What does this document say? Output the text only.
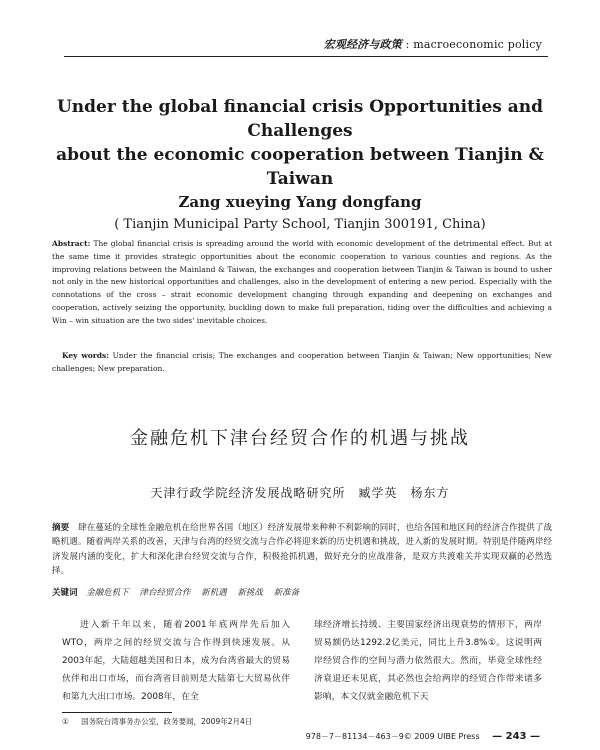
宏观经济与政策 : macroeconomic policy
Under the global financial crisis Opportunities and Challenges
about the economic cooperation between Tianjin & Taiwan
Zang xueying Yang dongfang
( Tianjin Municipal Party School, Tianjin 300191, China)
Abstract: The global financial crisis is spreading around the world with economic development of the detrimental effect. But at the same time it provides strategic opportunities about the economic cooperation to various counties and regions. As the improving relations between the Mainland & Taiwan, the exchanges and cooperation between Tianjin & Taiwan is bound to usher not only in the new historical opportunities and challenges, also in the development of entering a new period. Especially with the connotations of the cross – strait economic development changing through expanding and deepening on exchanges and cooperation, actively seizing the opportunity, buckling down to make full preparation, tiding over the difficulties and achieving a Win – win situation are the two sides' inevitable choices.
Key words: Under the financial crisis; The exchanges and cooperation between Tianjin & Taiwan; New opportunities; New challenges; New preparation.
金融危机下津台经贸合作的机遇与挑战
天津行政学院经济发展战略研究所　臧学英　杨东方
摘要 肆在蔓延的全球性金融危机在给世界各国（地区）经济发展带来种种不利影响的同时，也给各国和地区间的经济合作提供了战略机遇。随着两岸关系的改善，天津与台湾的经贸交流与合作必将迎来新的历史机遇和挑战，进入新的发展时期。特别是伴随两岸经济发展内涵的变化，扩大和深化津台经贸交流与合作，积极抢抓机遇，做好充分的应战准备，是双方共渡难关并实现双赢的必然选择。
关键词 金融危机下 津台经贸合作 新机遇 新挑战 新准备
进入新千年以来，随着2001年底两岸先后加入WTO，两岸之间的经贸交流与合作得到快速发展。从2003年起，大陆超越美国和日本，成为台湾省最大的贸易伙伴和出口市场，而台湾省目前则是大陆第七大贸易伙伴和第九大出口市场。2008年，在全
球经济增长持缓、主要国家经济出现衰势的情形下，两岸贸易额仍达1292.2亿美元，同比上升3.8%①。这说明两岸经贸合作的空间与潜力依然很大。然而，毕竟全球性经济衰退还未见底，其必然也会给两岸的经贸合作带来诸多影响，本文仅就金融危机下天
① 国务院台湾事务办公室，政务要闻，2009年2月4日
978－7－81134－463－9© 2009 UIBE Press — 243 —
